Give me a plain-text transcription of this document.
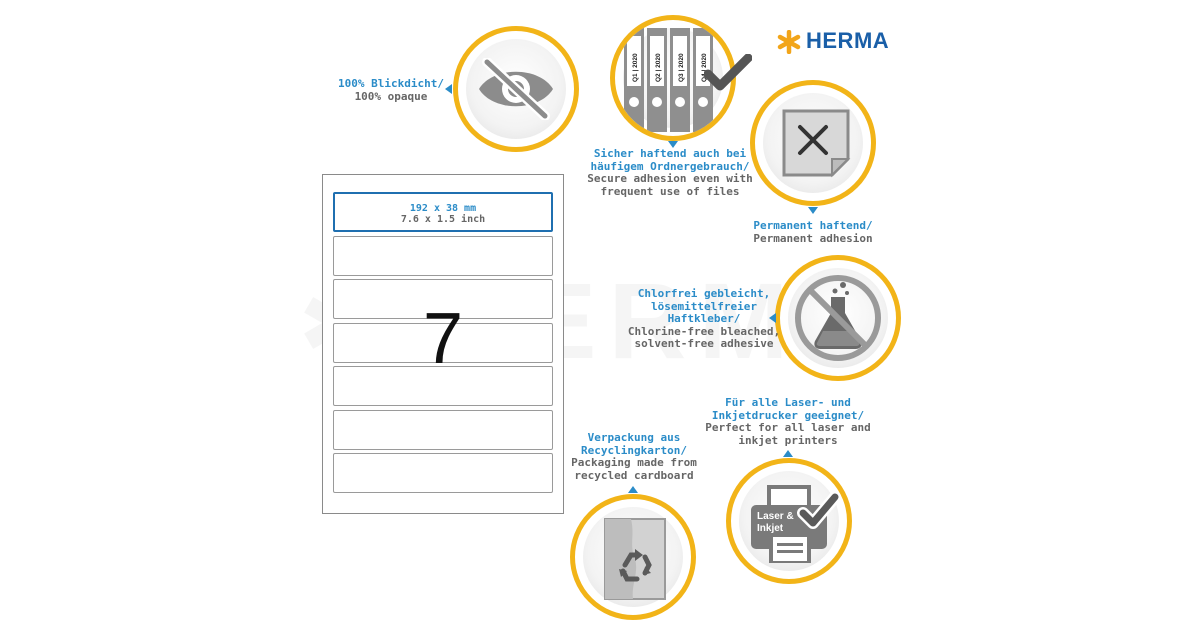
HERMA
192 x 38 mm
7.6 x 1.5 inch
7
100% Blickdicht/
100% opaque
Q1 | 2020 Q2 | 2020 Q3 | 2020 Q4 | 2020
Sicher haftend auch bei häufigem Ordnergebrauch/
Secure adhesion even with frequent use of files
Permanent haftend/
Permanent adhesion
Chlorfrei gebleicht,
lösemittelfreier
Haftkleber/
Chlorine-free bleached,
solvent-free adhesive
Für alle Laser- und
Inkjetdrucker geeignet/
Perfect for all laser and
inkjet printers
Laser &
Inkjet
Verpackung aus
Recyclingkarton/
Packaging made from
recycled cardboard
